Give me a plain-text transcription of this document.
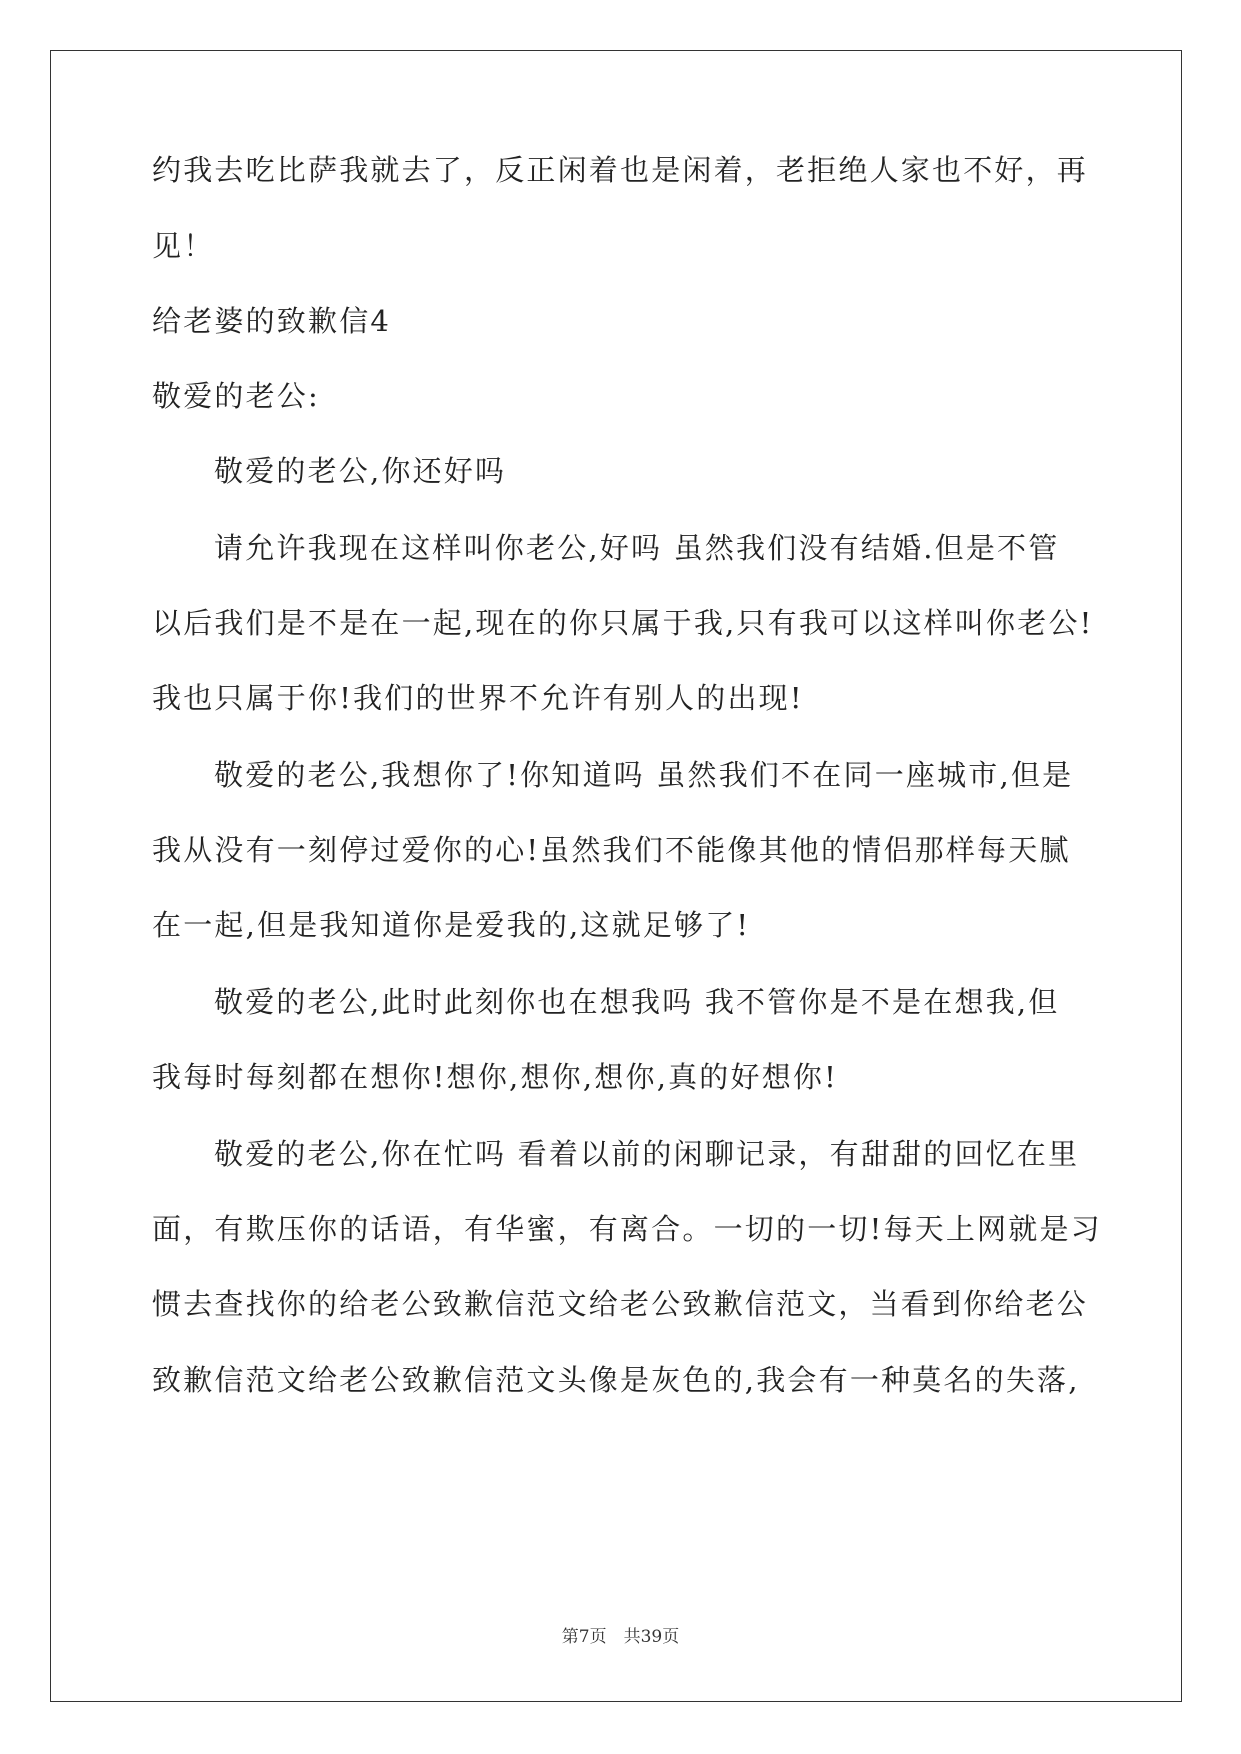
约我去吃比萨我就去了，反正闲着也是闲着，老拒绝人家也不好，再
见！
给老婆的致歉信4
敬爱的老公:
敬爱的老公,你还好吗
请允许我现在这样叫你老公,好吗 虽然我们没有结婚.但是不管
以后我们是不是在一起,现在的你只属于我,只有我可以这样叫你老公!
我也只属于你!我们的世界不允许有别人的出现!
敬爱的老公,我想你了!你知道吗 虽然我们不在同一座城市,但是
我从没有一刻停过爱你的心!虽然我们不能像其他的情侣那样每天腻
在一起,但是我知道你是爱我的,这就足够了!
敬爱的老公,此时此刻你也在想我吗 我不管你是不是在想我,但
我每时每刻都在想你!想你,想你,想你,真的好想你!
敬爱的老公,你在忙吗 看着以前的闲聊记录，有甜甜的回忆在里
面，有欺压你的话语，有华蜜，有离合。一切的一切!每天上网就是习
惯去查找你的给老公致歉信范文给老公致歉信范文，当看到你给老公
致歉信范文给老公致歉信范文头像是灰色的,我会有一种莫名的失落,
第7页　共39页
